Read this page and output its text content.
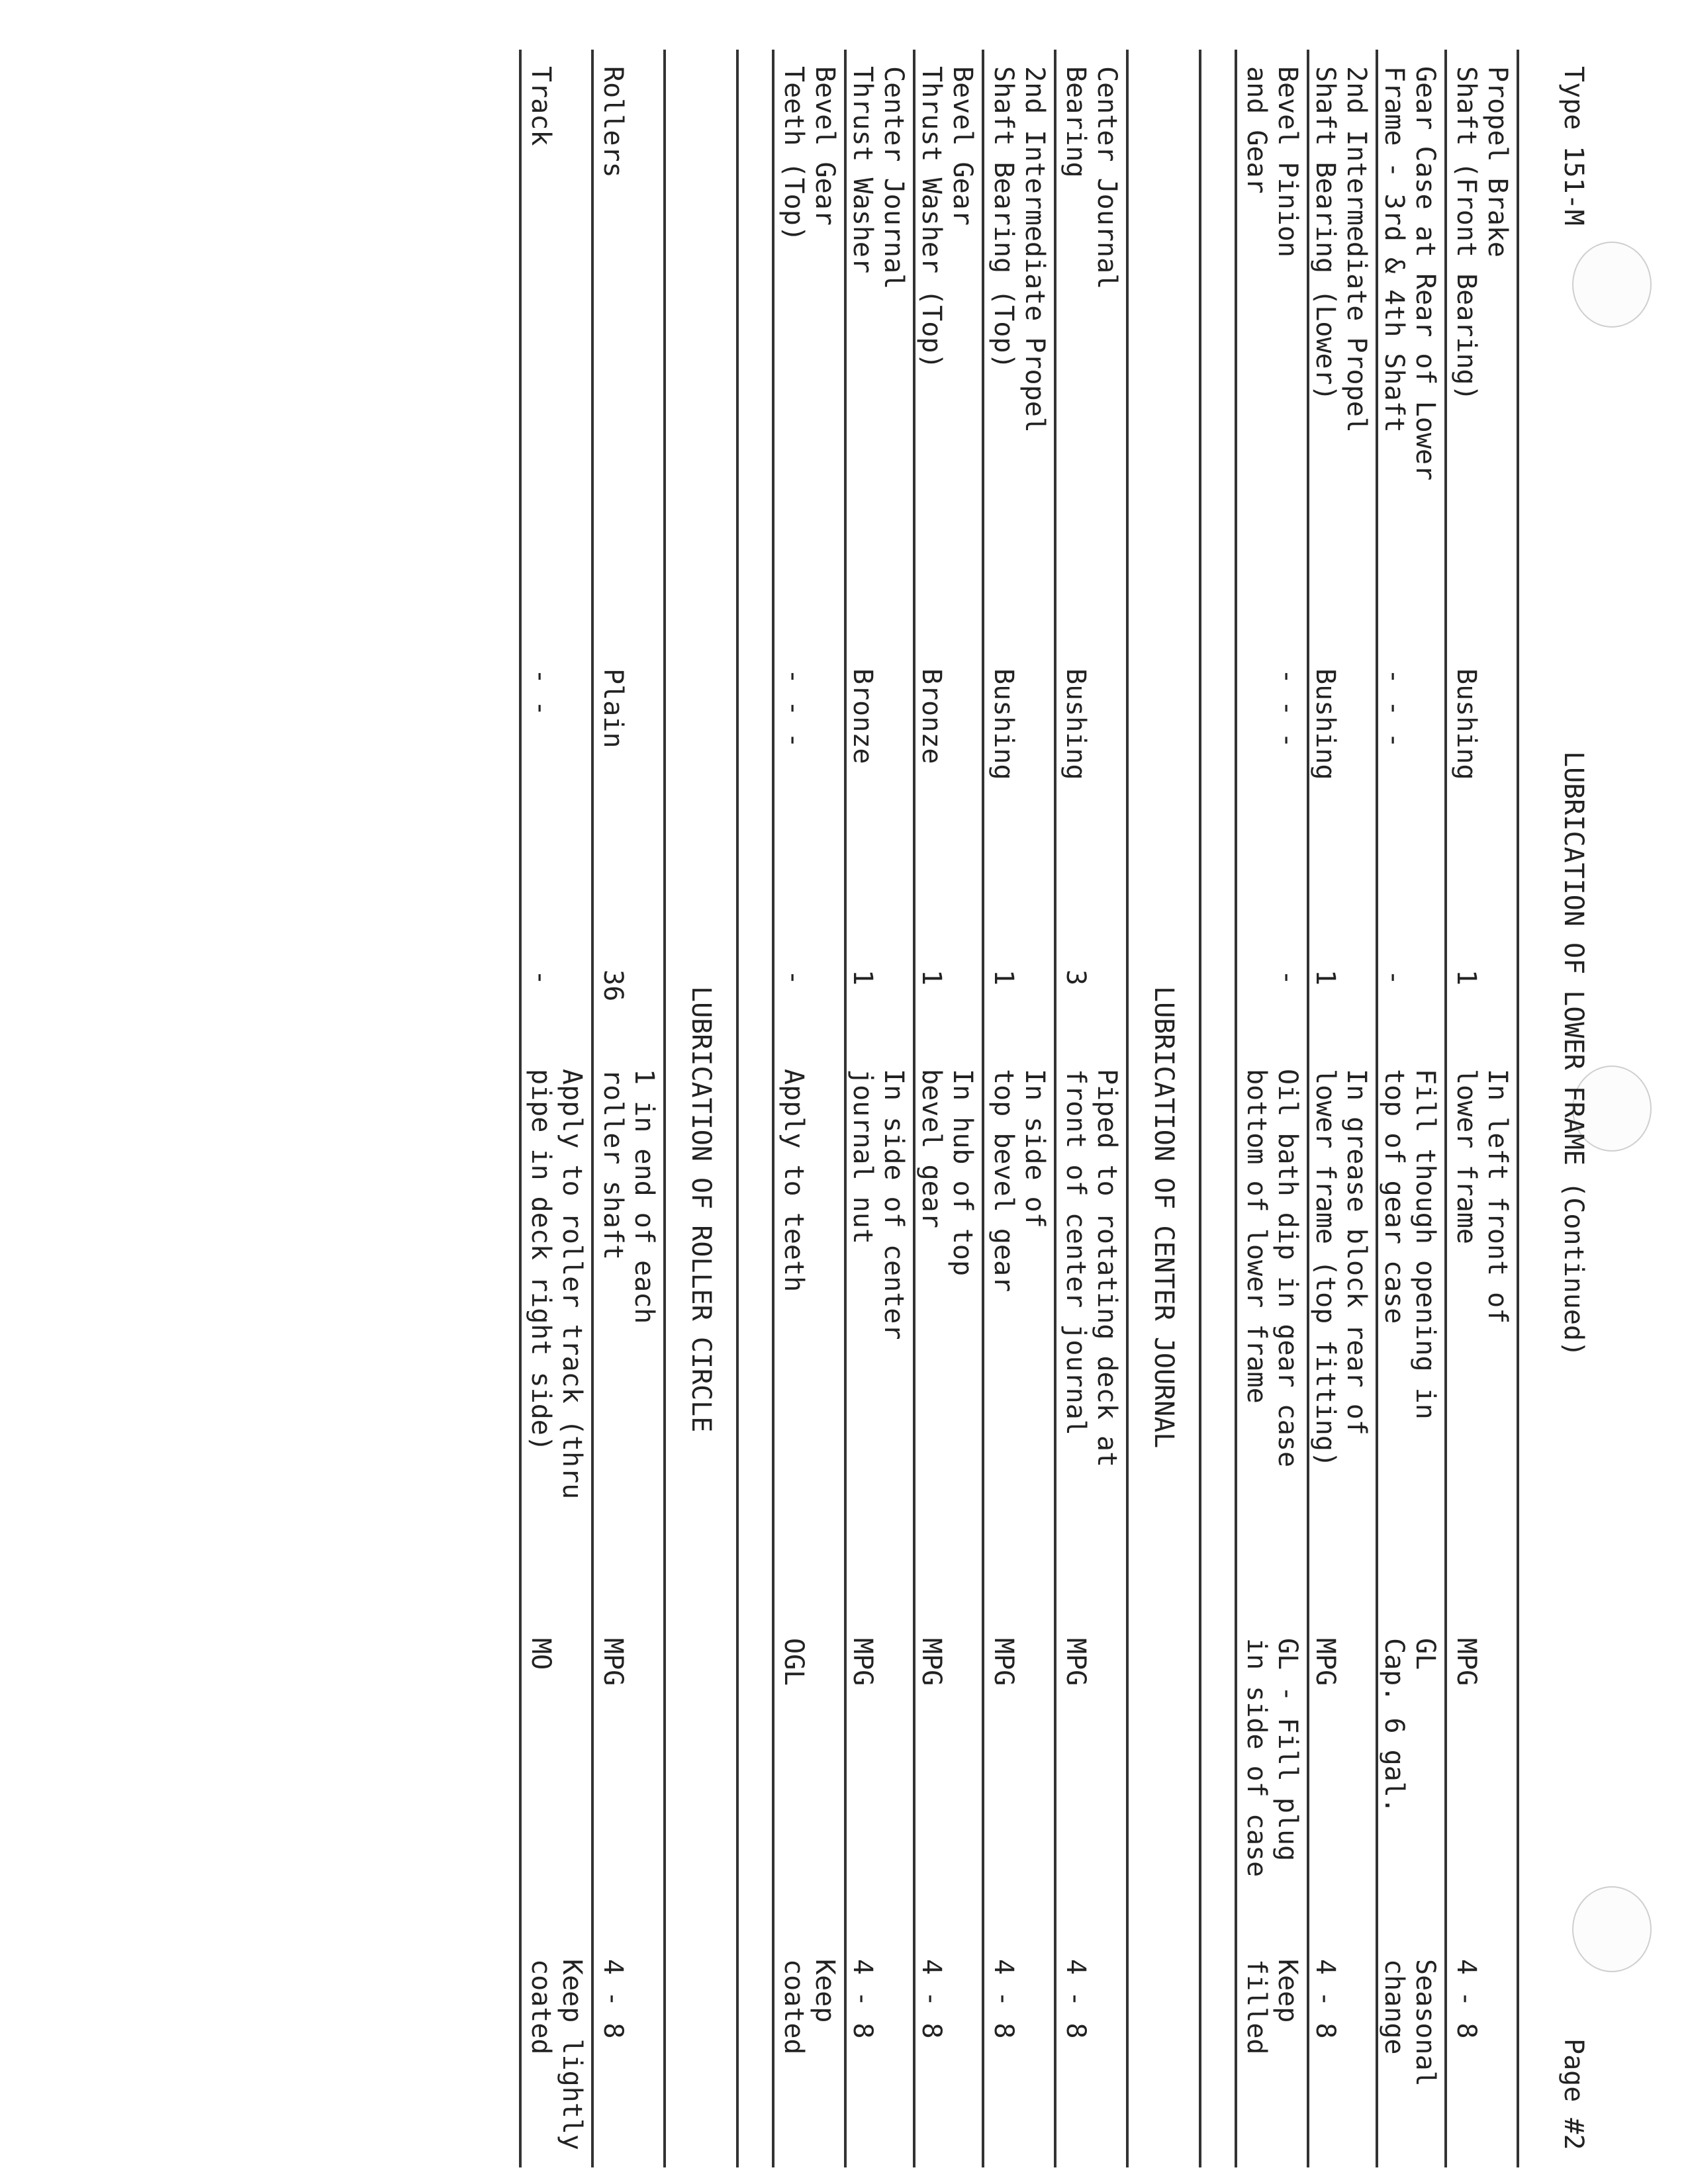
Type 151-M
LUBRICATION OF LOWER FRAME (Continued)
Page #2
Propel Brake
Shaft (Front Bearing)
Bushing
1
In left front of
lower frame
MPG
4 - 8
Gear Case at Rear of Lower
Frame - 3rd & 4th Shaft
- - -
-
Fill though opening in
top of gear case
GL
Cap. 6 gal.
Seasonal
change
2nd Intermediate Propel
Shaft Bearing (Lower)
Bushing
1
In grease block rear of
lower frame (top fitting)
MPG
4 - 8
Bevel Pinion
and Gear
- - -
-
Oil bath dip in gear case
bottom of lower frame
GL - Fill plug
in side of case
Keep
filled
LUBRICATION OF CENTER JOURNAL
Center Journal
Bearing
Bushing
3
Piped to rotating deck at
front of center journal
MPG
4 - 8
2nd Intermediate Propel
Shaft Bearing (Top)
Bushing
1
In side of
top bevel gear
MPG
4 - 8
Bevel Gear
Thrust Washer (Top)
Bronze
1
In hub of top
bevel gear
MPG
4 - 8
Center Journal
Thrust Washer
Bronze
1
In side of center
journal nut
MPG
4 - 8
Bevel Gear
Teeth (Top)
- - -
-
Apply to teeth
OGL
Keep
coated
LUBRICATION OF ROLLER CIRCLE
Rollers
Plain
36
1 in end of each
roller shaft
MPG
4 - 8
Track
- -
-
Apply to roller track (thru
pipe in deck right side)
MO
Keep lightly
coated
